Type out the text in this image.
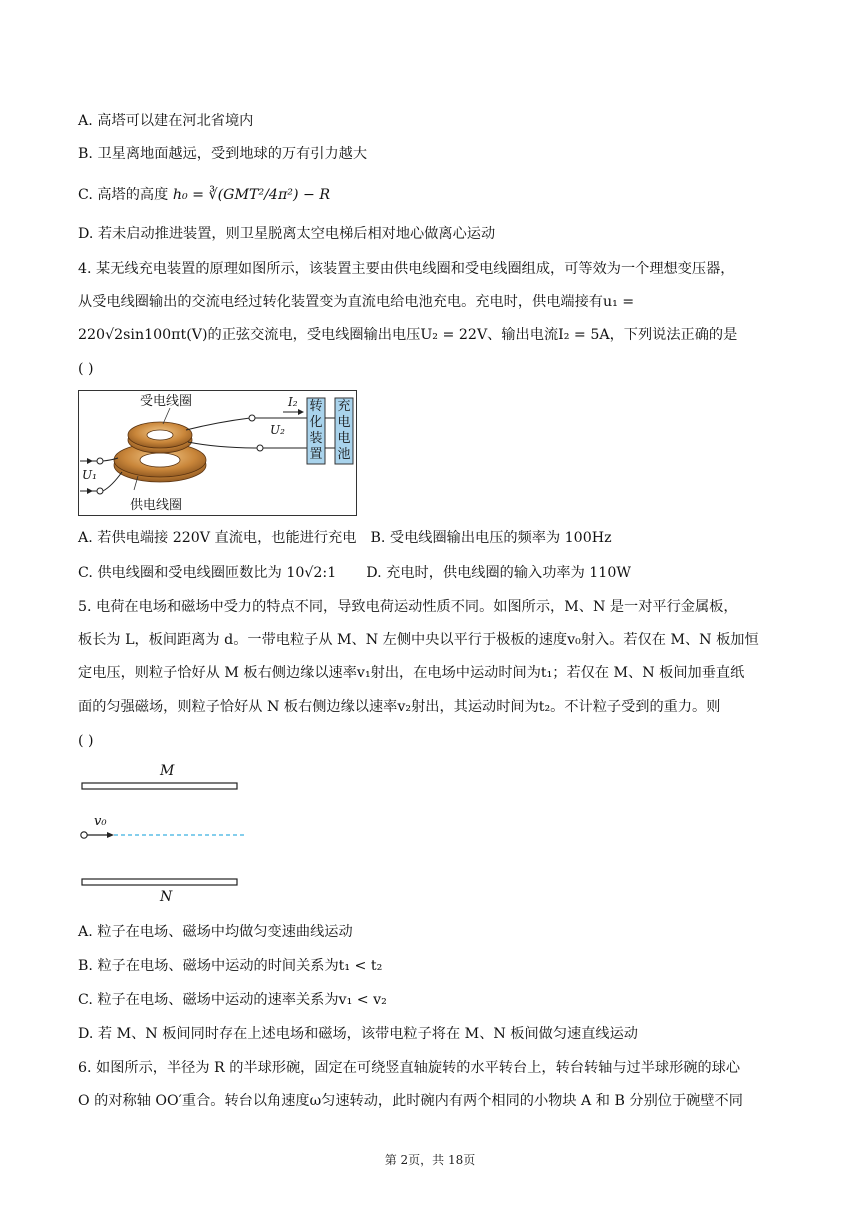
A. 高塔可以建在河北省境内
B. 卫星离地面越远，受到地球的万有引力越大
C. 高塔的高度 h₀ = ∛(GMT²/4π²) − R
D. 若未启动推进装置，则卫星脱离太空电梯后相对地心做离心运动
4. 某无线充电装置的原理如图所示，该装置主要由供电线圈和受电线圈组成，可等效为一个理想变压器，
从受电线圈输出的交流电经过转化装置变为直流电给电池充电。充电时，供电端接有u₁ =
220√2sin100πt(V)的正弦交流电，受电线圈输出电压U₂ = 22V、输出电流I₂ = 5A，下列说法正确的是
( )
受电线圈
供电线圈
I₂
U₂
U₁
转化装置
充电电池
A. 若供电端接 220V 直流电，也能进行充电 B. 受电线圈输出电压的频率为 100Hz
C. 供电线圈和受电线圈匝数比为 10√2:1 D. 充电时，供电线圈的输入功率为 110W
5. 电荷在电场和磁场中受力的特点不同，导致电荷运动性质不同。如图所示，M、N 是一对平行金属板，
板长为 L，板间距离为 d。一带电粒子从 M、N 左侧中央以平行于极板的速度v₀射入。若仅在 M、N 板加恒
定电压，则粒子恰好从 M 板右侧边缘以速率v₁射出，在电场中运动时间为t₁；若仅在 M、N 板间加垂直纸
面的匀强磁场，则粒子恰好从 N 板右侧边缘以速率v₂射出，其运动时间为t₂。不计粒子受到的重力。则
( )
M
N
v₀
A. 粒子在电场、磁场中均做匀变速曲线运动
B. 粒子在电场、磁场中运动的时间关系为t₁ < t₂
C. 粒子在电场、磁场中运动的速率关系为v₁ < v₂
D. 若 M、N 板间同时存在上述电场和磁场，该带电粒子将在 M、N 板间做匀速直线运动
6. 如图所示，半径为 R 的半球形碗，固定在可绕竖直轴旋转的水平转台上，转台转轴与过半球形碗的球心
O 的对称轴 OO′重合。转台以角速度ω匀速转动，此时碗内有两个相同的小物块 A 和 B 分别位于碗壁不同
第 2页，共 18页
